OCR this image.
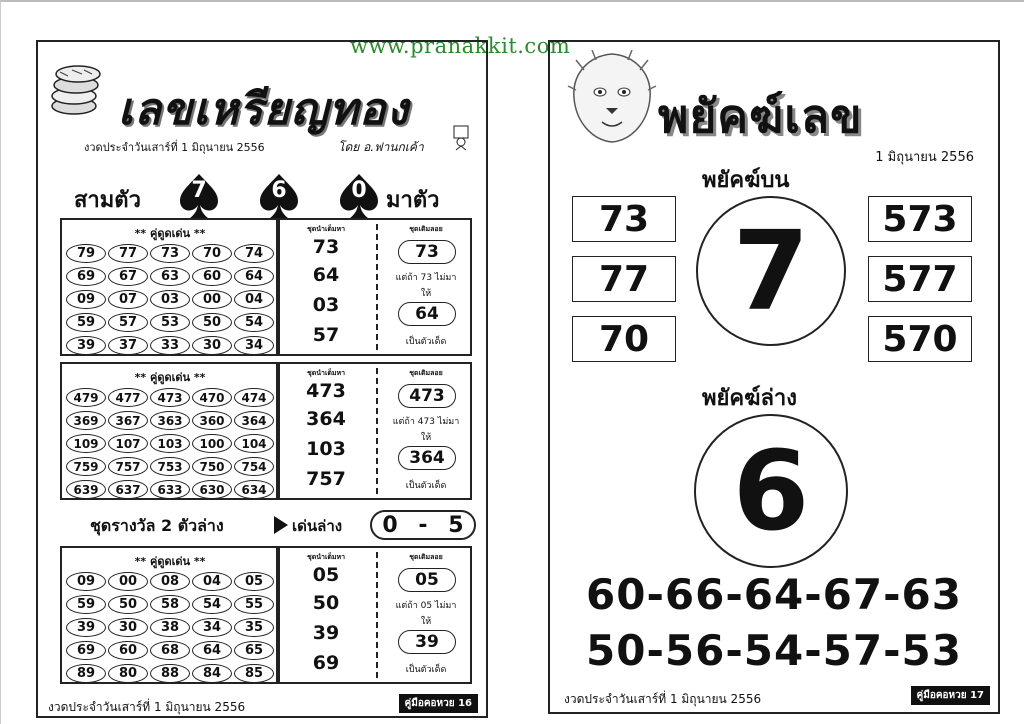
www.pranakkit.com
เลขเหรียญทอง
งวดประจำวันเสาร์ที่ 1 มิถุนายน 2556	โดย อ.ฟานกเค้า
สามตัว	7	6	0 มาตัว
** คู่ดูดเด่น **
79	77	73	70	74
69	67	63	60	64
09	07	03	00	04
59	57	53	50	54
39	37	33	30	34
ชุดนำเต็มหา
73
64
03
57
ชุดเติมลอย
73
แต่ถ้า 73 ไม่มา
ให้
64
เป็นตัวเด็ด
** คู่ดูดเด่น **
479	477	473	470	474
369	367	363	360	364
109	107	103	100	104
759	757	753	750	754
639	637	633	630	634
ชุดนำเต็มหา
473
364
103
757
ชุดเติมลอย
473
แต่ถ้า 473 ไม่มา
ให้
364
เป็นตัวเด็ด
ชุดรางวัล 2 ตัวล่าง	เด่นล่าง 0 - 5
** คู่ดูดเด่น **
09	00	08	04	05
59	50	58	54	55
39	30	38	34	35
69	60	68	64	65
89	80	88	84	85
ชุดนำเต็มหา
05
50
39
69
ชุดเติมลอย
05
แต่ถ้า 05 ไม่มา
ให้
39
เป็นตัวเด็ด
งวดประจำวันเสาร์ที่ 1 มิถุนายน 2556	คู่มือคอหวย 16
พยัคฆ์เลข
1 มิถุนายน 2556
พยัคฆ์บน
73
77
70
7	573
577
570
พยัคฆ์ล่าง
6
60-66-64-67-63
50-56-54-57-53
งวดประจำวันเสาร์ที่ 1 มิถุนายน 2556	คู่มือคอหวย 17
